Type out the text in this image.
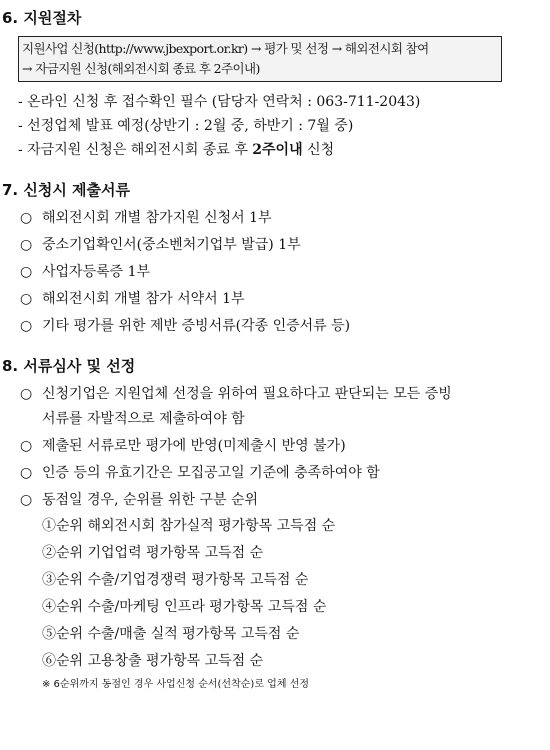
6. 지원절차
지원사업 신청(http://www.jbexport.or.kr) → 평가 및 선정 → 해외전시회 참여
→ 자금지원 신청(해외전시회 종료 후 2주이내)
- 온라인 신청 후 접수확인 필수 (담당자 연락처 : 063-711-2043)
- 선정업체 발표 예정(상반기 : 2월 중, 하반기 : 7월 중)
- 자금지원 신청은 해외전시회 종료 후 2주이내 신청
7. 신청시 제출서류
○ 해외전시회 개별 참가지원 신청서 1부
○ 중소기업확인서(중소벤처기업부 발급) 1부
○ 사업자등록증 1부
○ 해외전시회 개별 참가 서약서 1부
○ 기타 평가를 위한 제반 증빙서류(각종 인증서류 등)
8. 서류심사 및 선정
○ 신청기업은 지원업체 선정을 위하여 필요하다고 판단되는 모든 증빙
서류를 자발적으로 제출하여야 함
○ 제출된 서류로만 평가에 반영(미제출시 반영 불가)
○ 인증 등의 유효기간은 모집공고일 기준에 충족하여야 함
○ 동점일 경우, 순위를 위한 구분 순위
①순위 해외전시회 참가실적 평가항목 고득점 순
②순위 기업업력 평가항목 고득점 순
③순위 수출/기업경쟁력 평가항목 고득점 순
④순위 수출/마케팅 인프라 평가항목 고득점 순
⑤순위 수출/매출 실적 평가항목 고득점 순
⑥순위 고용창출 평가항목 고득점 순
※ 6순위까지 동점인 경우 사업신청 순서(선착순)로 업체 선정
